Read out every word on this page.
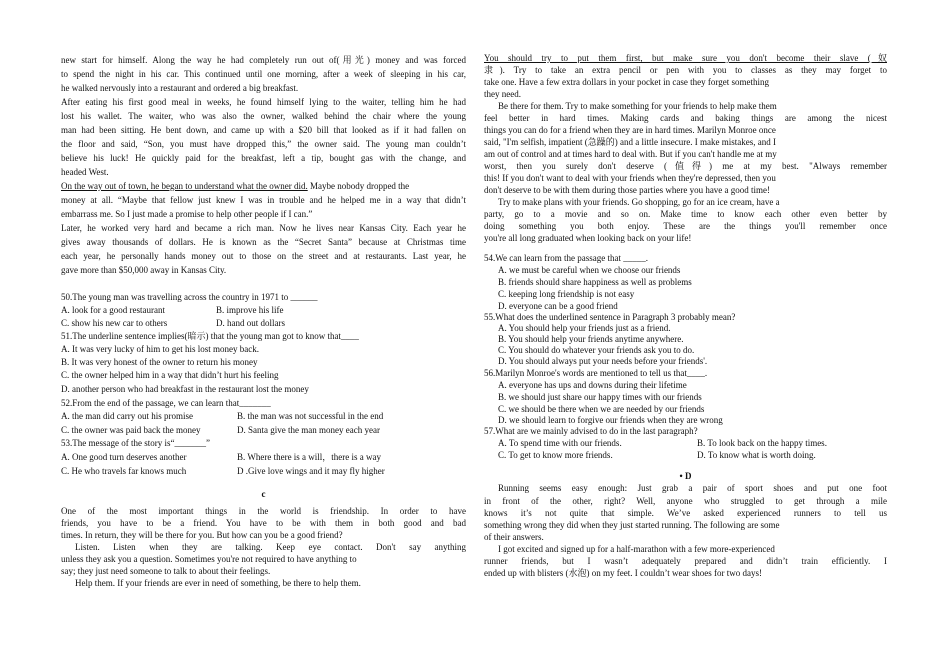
new start for himself. Along the way he had completely run out of(用光) money and was forced
to spend the night in his car. This continued until one morning, after a week of sleeping in his car,
he walked nervously into a restaurant and ordered a big breakfast.
After eating his first good meal in weeks, he found himself lying to the waiter, telling him he had
lost his wallet. The waiter, who was also the owner, walked behind the chair where the young
man had been sitting. He bent down, and came up with a $20 bill that looked as if it had fallen on
the floor and said, “Son, you must have dropped this,” the owner said. The young man couldn’t
believe his luck! He quickly paid for the breakfast, left a tip, bought gas with the change, and
headed West.
On the way out of town, he began to understand what the owner did. Maybe nobody dropped the
money at all. “Maybe that fellow just knew I was in trouble and he helped me in a way that didn’t
embarrass me. So I just made a promise to help other people if I can.”
Later, he worked very hard and became a rich man. Now he lives near Kansas City. Each year he
gives away thousands of dollars. He is known as the “Secret Santa” because at Christmas time
each year, he personally hands money out to those on the street and at restaurants. Last year, he
gave more than $50,000 away in Kansas City.
50.The young man was travelling across the country in 1971 to ______
A. look for a good restaurant	B. improve his life
C. show his new car to others	D. hand out dollars
51.The underline sentence implies(暗示) that the young man got to know that____
A. It was very lucky of him to get his lost money back.
B. It was very honest of the owner to return his money
C. the owner helped him in a way that didn’t hurt his feeling
D. another person who had breakfast in the restaurant lost the money
52.From the end of the passage, we can learn that_______
A. the man did carry out his promise	B. the man was not successful in the end
C. the owner was paid back the money	D. Santa give the man money each year
53.The message of the story is“_______”
A. One good turn deserves another	B. Where there is a will，there is a way
C. He who travels far knows much	D .Give love wings and it may fly higher
c
One of the most important things in the world is friendship. In order to have
friends, you have to be a friend. You have to be with them in both good and bad
times. In return, they will be there for you. But how can you be a good friend?
Listen. Listen when they are talking. Keep eye contact. Don't say anything
unless they ask you a question. Sometimes you're not required to have anything to
say; they just need someone to talk to about their feelings.
Help them. If your friends are ever in need of something, be there to help them.
You should try to put them first, but make sure you don't become their slave (奴
隶). Try to take an extra pencil or pen with you to classes as they may forget to
take one. Have a few extra dollars in your pocket in case they forget something
they need.
Be there for them. Try to make something for your friends to help make them
feel better in hard times. Making cards and baking things are among the nicest
things you can do for a friend when they are in hard times. Marilyn Monroe once
said, "I'm selfish, impatient (急躁的) and a little insecure. I make mistakes, and I
am out of control and at times hard to deal with. But if you can't handle me at my
worst, then you surely don't deserve (值得) me at my best. "Always remember
this! If you don't want to deal with your friends when they're depressed, then you
don't deserve to be with them during those parties where you have a good time!
Try to make plans with your friends. Go shopping, go for an ice cream, have a
party, go to a movie and so on. Make time to know each other even better by
doing something you both enjoy. These are the things you'll remember once
you're all long graduated when looking back on your life!
54.We can learn from the passage that _____.
A. we must be careful when we choose our friends
B. friends should share happiness as well as problems
C. keeping long friendship is not easy
D. everyone can be a good friend
55.What does the underlined sentence in Paragraph 3 probably mean?
A. You should help your friends just as a friend.
B. You should help your friends anytime anywhere.
C. You should do whatever your friends ask you to do.
D. You should always put your needs before your friends'.
56.Marilyn Monroe's words are mentioned to tell us that____.
A. everyone has ups and downs during their lifetime
B. we should just share our happy times with our friends
C. we should be there when we are needed by our friends
D. we should learn to forgive our friends when they are wrong
57.What are we mainly advised to do in the last paragraph?
A. To spend time with our friends.	B. To look back on the happy times.
C. To get to know more friends.	D. To know what is worth doing.
• D
Running seems easy enough: Just grab a pair of sport shoes and put one foot
in front of the other, right? Well, anyone who struggled to get through a mile
knows it’s not quite that simple. We’ve asked experienced runners to tell us
something wrong they did when they just started running. The following are some
of their answers.
I got excited and signed up for a half-marathon with a few more-experienced
runner friends, but I wasn’t adequately prepared and didn’t train efficiently. I
ended up with blisters (水泡) on my feet. I couldn’t wear shoes for two days!
